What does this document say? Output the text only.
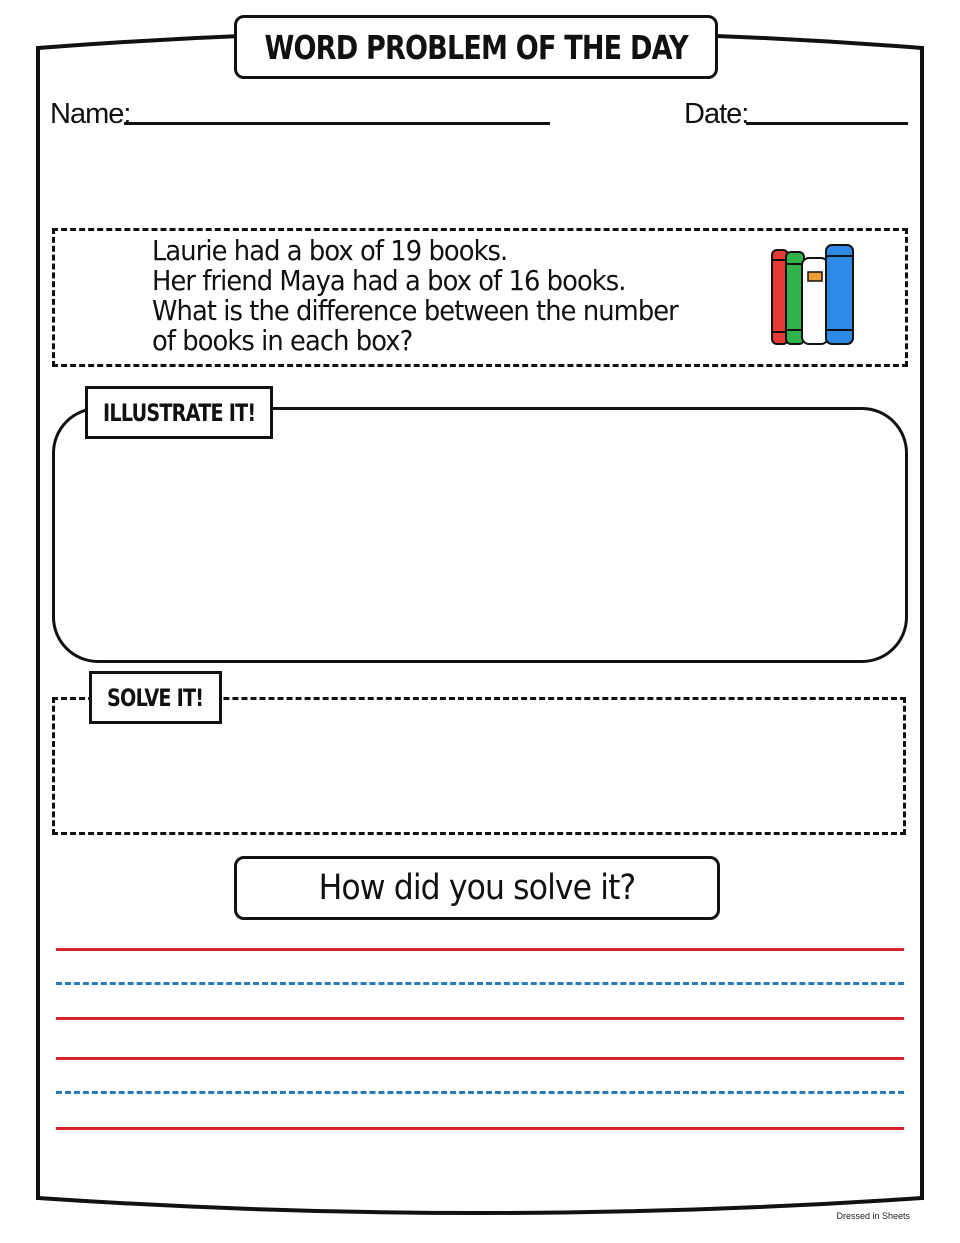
WORD PROBLEM OF THE DAY
Name:	Date:
Laurie had a box of 19 books.
Her friend Maya had a box of 16 books.
What is the difference between the number
of books in each box?
ILLUSTRATE IT!
SOLVE IT!
How did you solve it?
Dressed in Sheets
